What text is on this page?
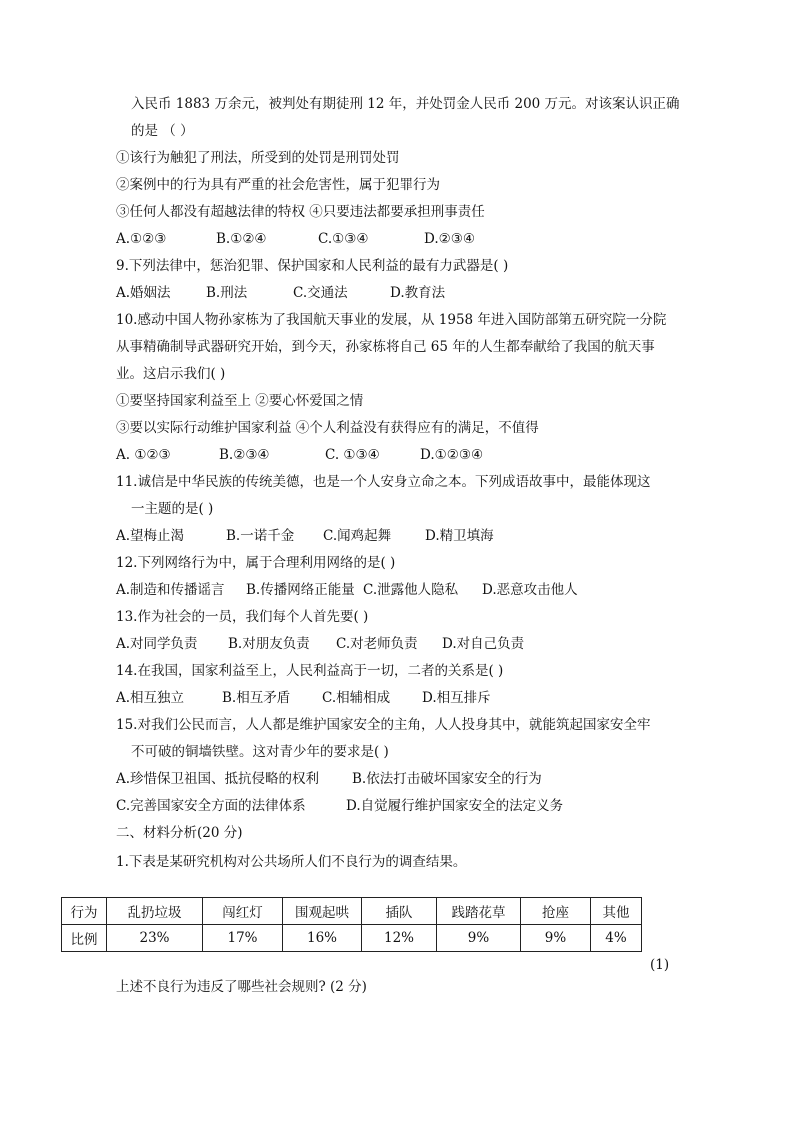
入民币 1883 万余元，被判处有期徒刑 12 年，并处罚金人民币 200 万元。对该案认识正确
的是 （ ）
①该行为触犯了刑法，所受到的处罚是刑罚处罚
②案例中的行为具有严重的社会危害性，属于犯罪行为
③任何人都没有超越法律的特权 ④只要违法都要承担刑事责任
A.①②③	B.①②④	C.①③④	D.②③④
9.下列法律中，惩治犯罪、保护国家和人民利益的最有力武器是( )
A.婚姻法	B.刑法	C.交通法	D.教育法
10.感动中国人物孙家栋为了我国航天事业的发展，从 1958 年进入国防部第五研究院一分院
从事精确制导武器研究开始，到今天，孙家栋将自己 65 年的人生都奉献给了我国的航天事
业。这启示我们( )
①要坚持国家利益至上 ②要心怀爱国之情
③要以实际行动维护国家利益 ④个人利益没有获得应有的满足，不值得
A. ①②③	B.②③④	C. ①③④	D.①②③④
11.诚信是中华民族的传统美德，也是一个人安身立命之本。下列成语故事中，最能体现这
一主题的是( )
A.望梅止渴	B.一诺千金 C.闻鸡起舞	D.精卫填海
12.下列网络行为中，属于合理利用网络的是( )
A.制造和传播谣言 B.传播网络正能量 C.泄露他人隐私 D.恶意攻击他人
13.作为社会的一员，我们每个人首先要( )
A.对同学负责 B.对朋友负责 C.对老师负责 D.对自己负责
14.在我国，国家利益至上，人民利益高于一切，二者的关系是( )
A.相互独立	B.相互矛盾 C.相辅相成 D.相互排斥
15.对我们公民而言，人人都是维护国家安全的主角，人人投身其中，就能筑起国家安全牢
不可破的铜墙铁壁。这对青少年的要求是( )
A.珍惜保卫祖国、抵抗侵略的权利 B.依法打击破坏国家安全的行为
C.完善国家安全方面的法律体系	D.自觉履行维护国家安全的法定义务
二、材料分析(20 分)
1.下表是某研究机构对公共场所人们不良行为的调查结果。
行为	乱扔垃圾	闯红灯	围观起哄	插队	践踏花草	抢座	其他
比例	23%	17%	16%	12%	9%	9%	4%
(1)
上述不良行为违反了哪些社会规则? (2 分)
